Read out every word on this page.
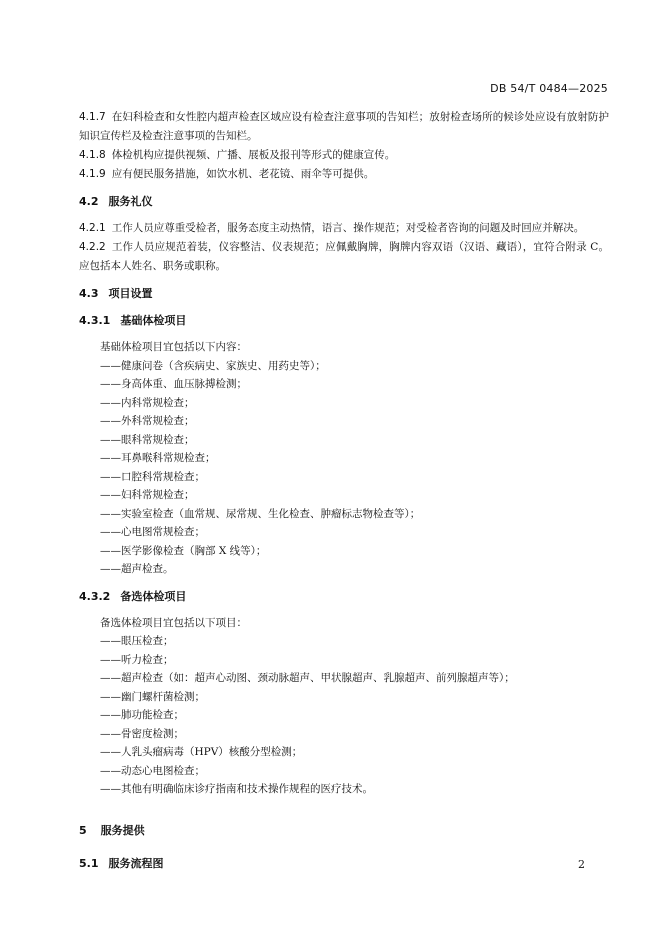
DB 54/T 0484—2025

4.1.7 在妇科检查和女性腔内超声检查区域应设有检查注意事项的告知栏；放射检查场所的候诊处应设有放射防护知识宣传栏及检查注意事项的告知栏。

4.1.8 体检机构应提供视频、广播、展板及报刊等形式的健康宣传。

4.1.9 应有便民服务措施，如饮水机、老花镜、雨伞等可提供。

4.2 服务礼仪

4.2.1 工作人员应尊重受检者，服务态度主动热情，语言、操作规范；对受检者咨询的问题及时回应并解决。

4.2.2 工作人员应规范着装，仪容整洁、仪表规范；应佩戴胸牌，胸牌内容双语（汉语、藏语），宜符合附录 C。应包括本人姓名、职务或职称。

4.3 项目设置
4.3.1 基础体检项目

基础体检项目宜包括以下内容：

——健康问卷（含疾病史、家族史、用药史等）；
——身高体重、血压脉搏检测；
——内科常规检查；
——外科常规检查；
——眼科常规检查；
——耳鼻喉科常规检查；
——口腔科常规检查；
——妇科常规检查；
——实验室检查（血常规、尿常规、生化检查、肿瘤标志物检查等）；
——心电图常规检查；
——医学影像检查（胸部 X 线等）；
——超声检查。
4.3.2 备选体检项目

备选体检项目宜包括以下项目：

——眼压检查；
——听力检查；
——超声检查（如：超声心动图、颈动脉超声、甲状腺超声、乳腺超声、前列腺超声等）；
——幽门螺杆菌检测；
——肺功能检查；
——骨密度检测；
——人乳头瘤病毒（HPV）核酸分型检测；
——动态心电图检查；
——其他有明确临床诊疗指南和技术操作规程的医疗技术。
5 服务提供
5.1 服务流程图	2
